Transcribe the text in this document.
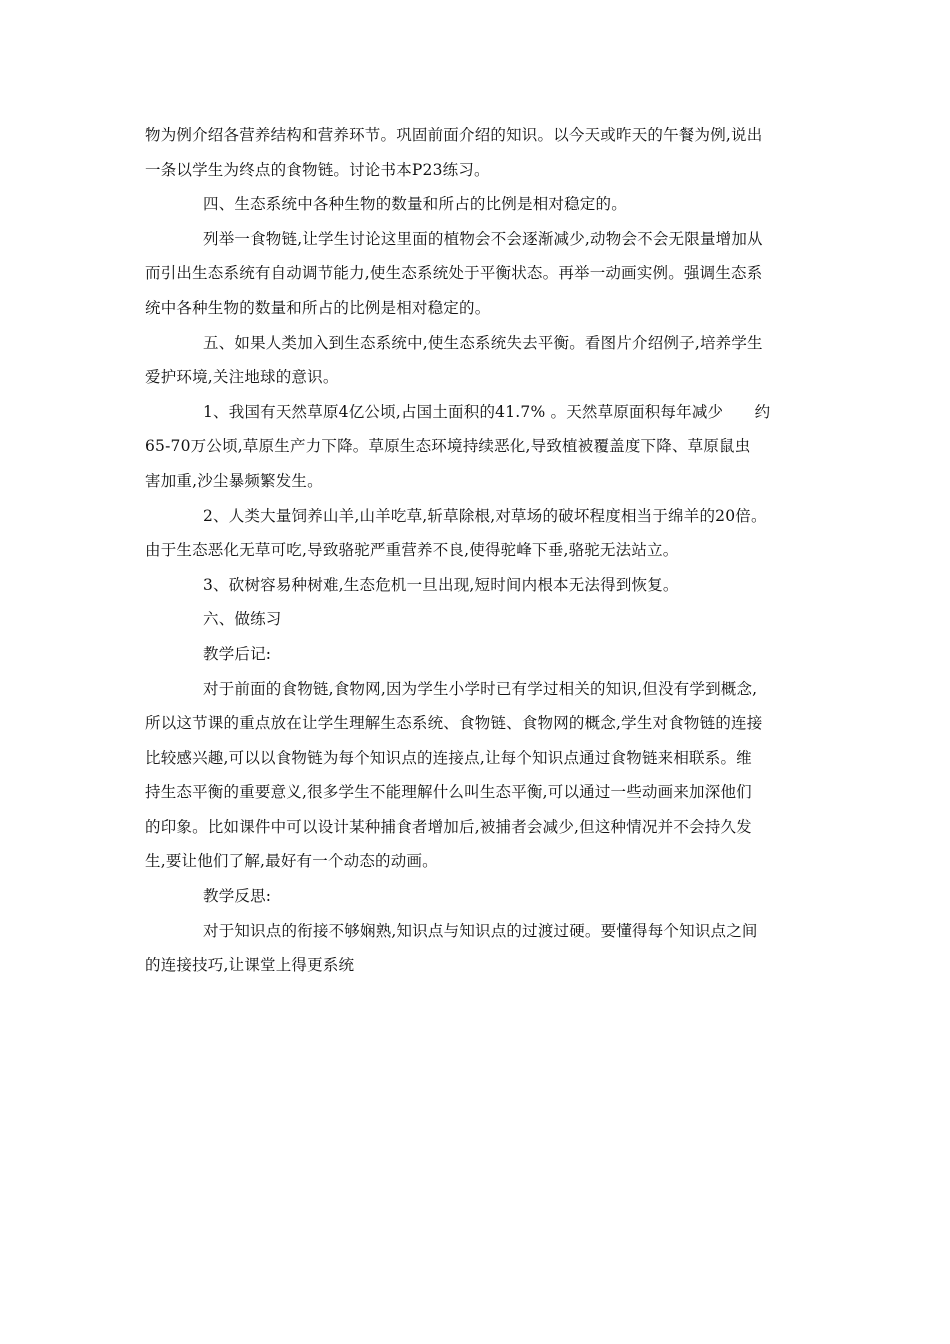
物为例介绍各营养结构和营养环节。巩固前面介绍的知识。以今天或昨天的午餐为例,说出
一条以学生为终点的食物链。讨论书本P23练习。
四、生态系统中各种生物的数量和所占的比例是相对稳定的。
列举一食物链,让学生讨论这里面的植物会不会逐渐减少,动物会不会无限量增加从
而引出生态系统有自动调节能力,使生态系统处于平衡状态。再举一动画实例。强调生态系
统中各种生物的数量和所占的比例是相对稳定的。
五、如果人类加入到生态系统中,使生态系统失去平衡。看图片介绍例子,培养学生
爱护环境,关注地球的意识。
1、我国有天然草原4亿公顷,占国土面积的41.7% 。天然草原面积每年减少　　约
65-70万公顷,草原生产力下降。草原生态环境持续恶化,导致植被覆盖度下降、草原鼠虫
害加重,沙尘暴频繁发生。
2、人类大量饲养山羊,山羊吃草,斩草除根,对草场的破坏程度相当于绵羊的20倍。
由于生态恶化无草可吃,导致骆驼严重营养不良,使得驼峰下垂,骆驼无法站立。
3、砍树容易种树难,生态危机一旦出现,短时间内根本无法得到恢复。
六、做练习
教学后记:
对于前面的食物链,食物网,因为学生小学时已有学过相关的知识,但没有学到概念,
所以这节课的重点放在让学生理解生态系统、食物链、食物网的概念,学生对食物链的连接
比较感兴趣,可以以食物链为每个知识点的连接点,让每个知识点通过食物链来相联系。维
持生态平衡的重要意义,很多学生不能理解什么叫生态平衡,可以通过一些动画来加深他们
的印象。比如课件中可以设计某种捕食者增加后,被捕者会减少,但这种情况并不会持久发
生,要让他们了解,最好有一个动态的动画。
教学反思:
对于知识点的衔接不够娴熟,知识点与知识点的过渡过硬。要懂得每个知识点之间
的连接技巧,让课堂上得更系统
